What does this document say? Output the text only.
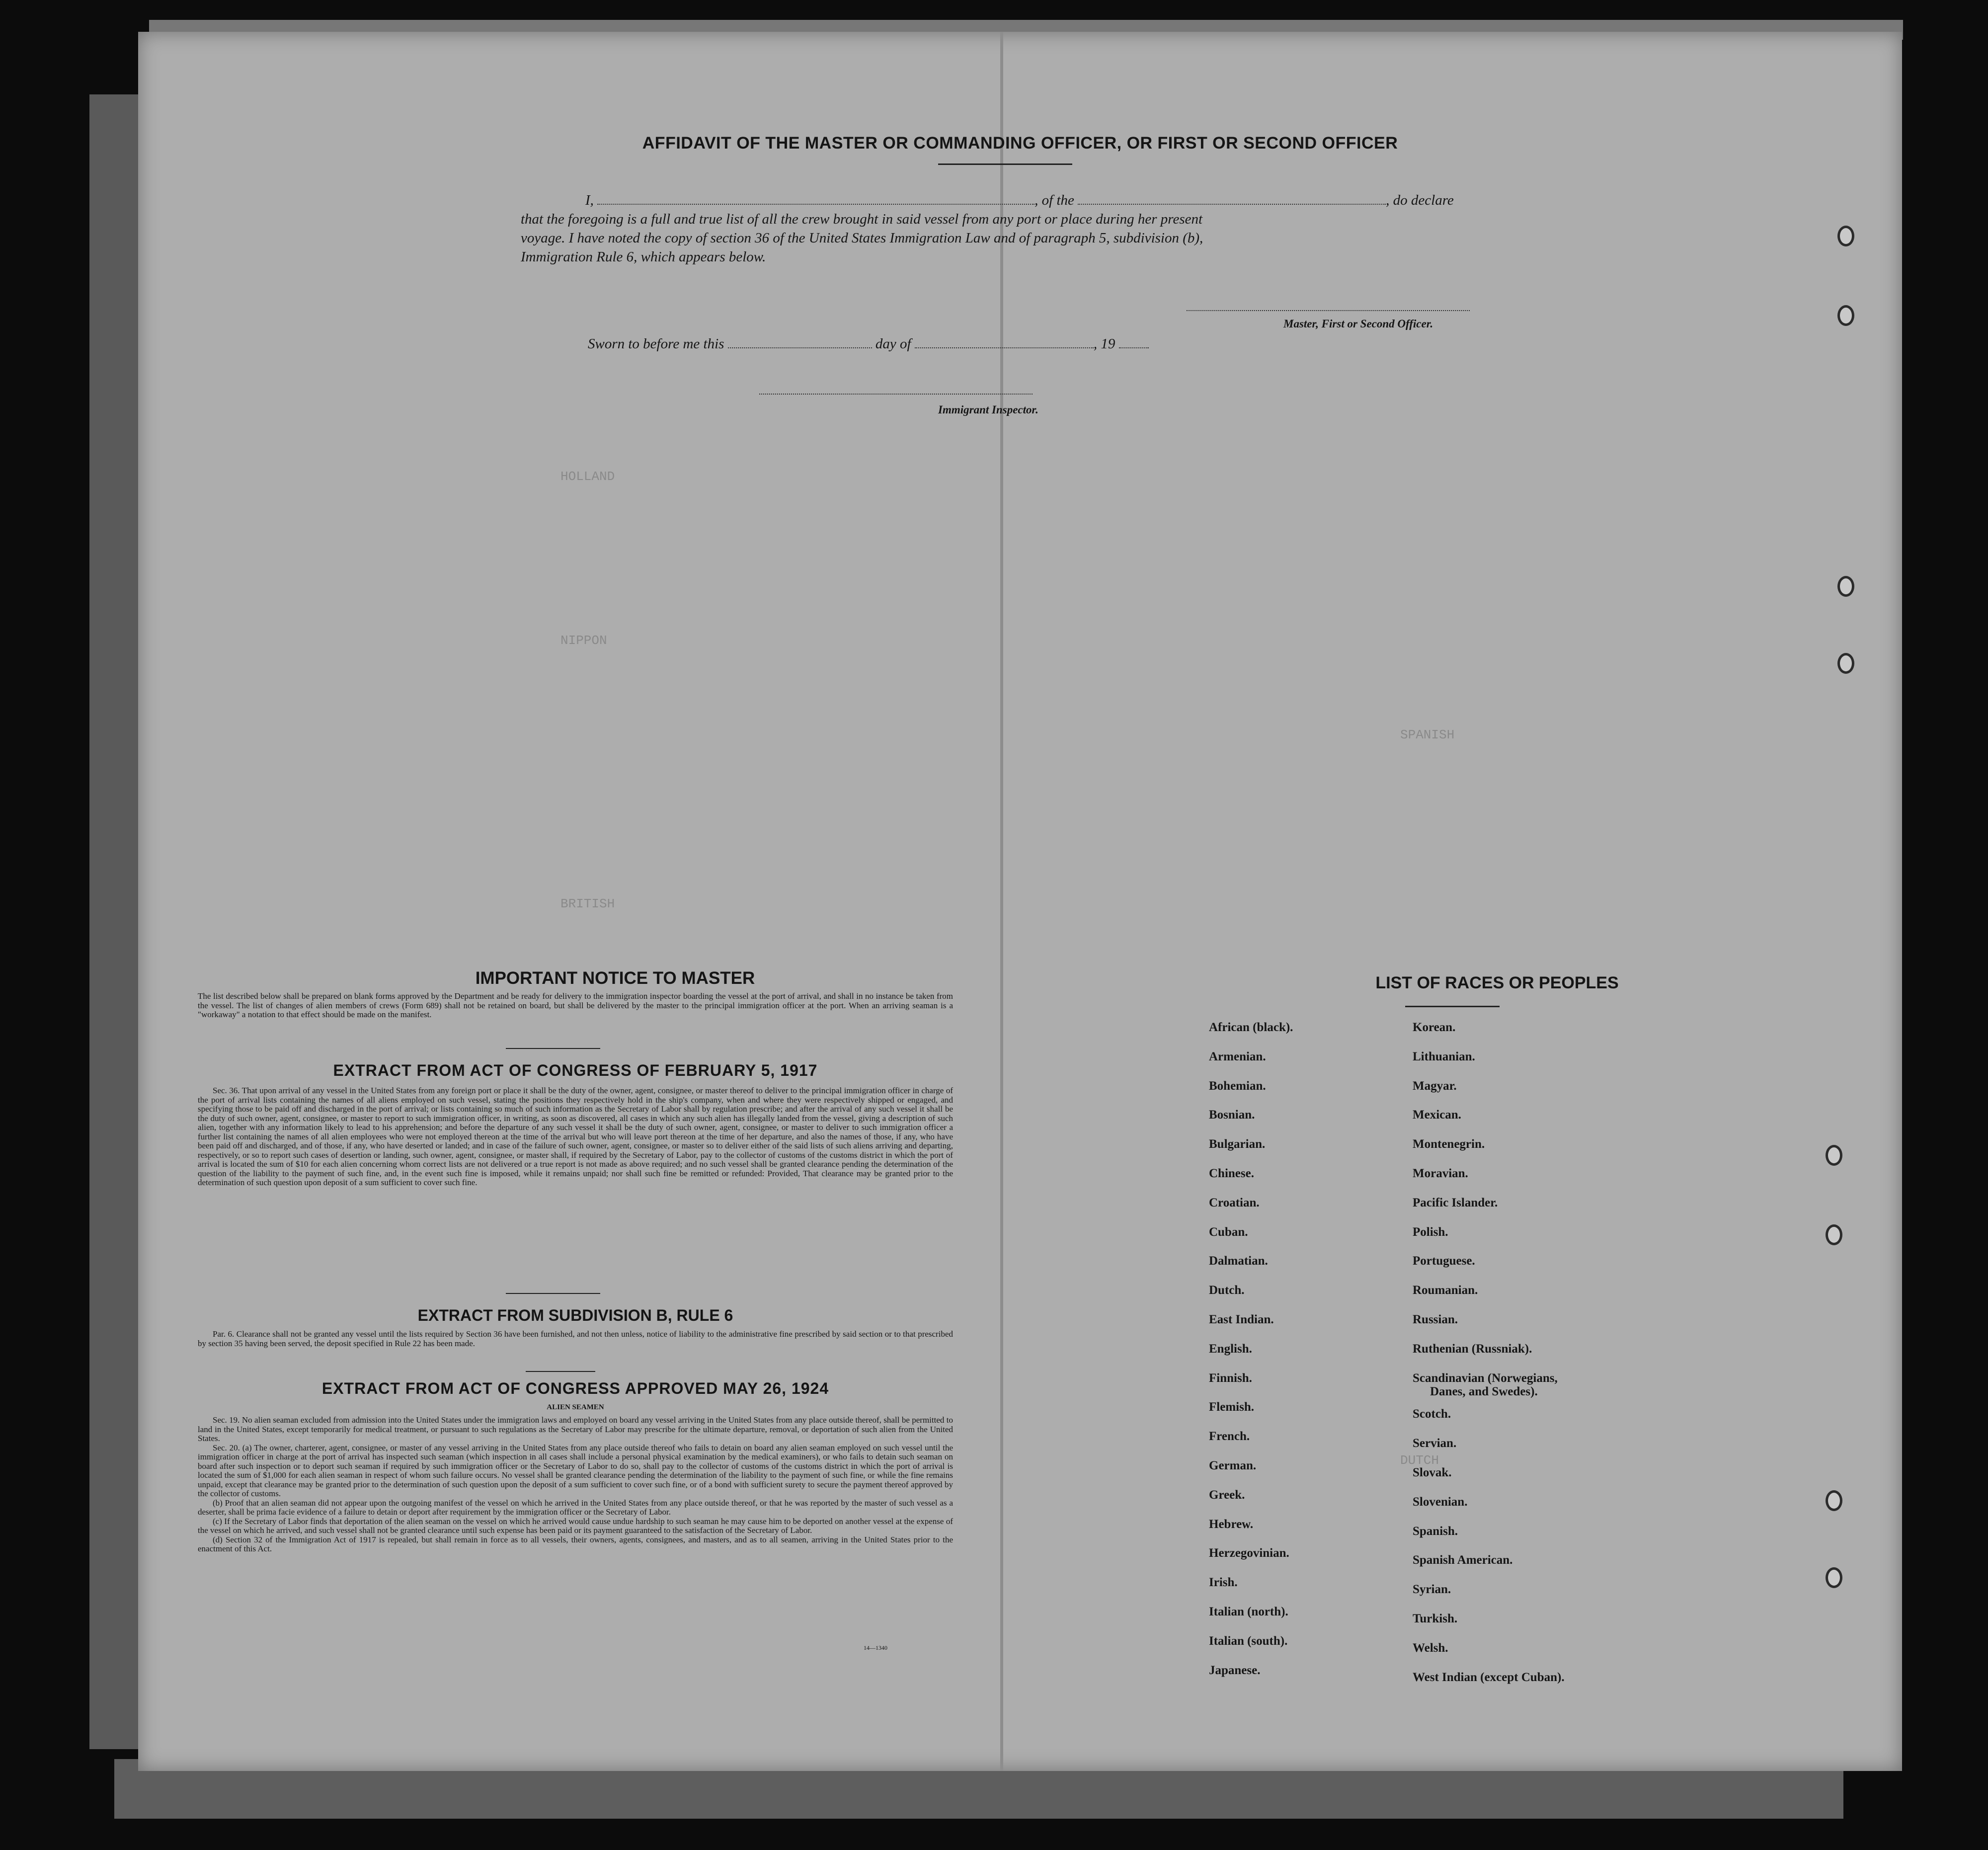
HOLLAND
NIPPON
BRITISH
SPANISH
DUTCH
AFFIDAVIT OF THE MASTER OR COMMANDING OFFICER, OR FIRST OR SECOND OFFICER
I,	, of the	, do declare
that the foregoing is a full and true list of all the crew brought in said vessel from any port or place during her present
voyage. I have noted the copy of section 36 of the United States Immigration Law and of paragraph 5, subdivision (b),
Immigration Rule 6, which appears below.
Master, First or Second Officer.
Sworn to before me this	day of	, 19
Immigrant Inspector.
IMPORTANT NOTICE TO MASTER
The list described below shall be prepared on blank forms approved by the Department and be ready for delivery to the immigration inspector boarding the vessel at the port of arrival, and shall in no instance be taken from the vessel. The list of changes of alien members of crews (Form 689) shall not be retained on board, but shall be delivered by the master to the principal immigration officer at the port. When an arriving seaman is a "workaway" a notation to that effect should be made on the manifest.
EXTRACT FROM ACT OF CONGRESS OF FEBRUARY 5, 1917
Sec. 36. That upon arrival of any vessel in the United States from any foreign port or place it shall be the duty of the owner, agent, consignee, or master thereof to deliver to the principal immigration officer in charge of the port of arrival lists containing the names of all aliens employed on such vessel, stating the positions they respectively hold in the ship's company, when and where they were respectively shipped or engaged, and specifying those to be paid off and discharged in the port of arrival; or lists containing so much of such information as the Secretary of Labor shall by regulation prescribe; and after the arrival of any such vessel it shall be the duty of such owner, agent, consignee, or master to report to such immigration officer, in writing, as soon as discovered, all cases in which any such alien has illegally landed from the vessel, giving a description of such alien, together with any information likely to lead to his apprehension; and before the departure of any such vessel it shall be the duty of such owner, agent, consignee, or master to deliver to such immigration officer a further list containing the names of all alien employees who were not employed thereon at the time of the arrival but who will leave port thereon at the time of her departure, and also the names of those, if any, who have been paid off and discharged, and of those, if any, who have deserted or landed; and in case of the failure of such owner, agent, consignee, or master so to deliver either of the said lists of such aliens arriving and departing, respectively, or so to report such cases of desertion or landing, such owner, agent, consignee, or master shall, if required by the Secretary of Labor, pay to the collector of customs of the customs district in which the port of arrival is located the sum of $10 for each alien concerning whom correct lists are not delivered or a true report is not made as above required; and no such vessel shall be granted clearance pending the determination of the question of the liability to the payment of such fine, and, in the event such fine is imposed, while it remains unpaid; nor shall such fine be remitted or refunded: Provided, That clearance may be granted prior to the determination of such question upon deposit of a sum sufficient to cover such fine.
EXTRACT FROM SUBDIVISION B, RULE 6
Par. 6. Clearance shall not be granted any vessel until the lists required by Section 36 have been furnished, and not then unless, notice of liability to the administrative fine prescribed by said section or to that prescribed by section 35 having been served, the deposit specified in Rule 22 has been made.
EXTRACT FROM ACT OF CONGRESS APPROVED MAY 26, 1924
ALIEN SEAMEN
Sec. 19. No alien seaman excluded from admission into the United States under the immigration laws and employed on board any vessel arriving in the United States from any place outside thereof, shall be permitted to land in the United States, except temporarily for medical treatment, or pursuant to such regulations as the Secretary of Labor may prescribe for the ultimate departure, removal, or deportation of such alien from the United States.
Sec. 20. (a) The owner, charterer, agent, consignee, or master of any vessel arriving in the United States from any place outside thereof who fails to detain on board any alien seaman employed on such vessel until the immigration officer in charge at the port of arrival has inspected such seaman (which inspection in all cases shall include a personal physical examination by the medical examiners), or who fails to detain such seaman on board after such inspection or to deport such seaman if required by such immigration officer or the Secretary of Labor to do so, shall pay to the collector of customs of the customs district in which the port of arrival is located the sum of $1,000 for each alien seaman in respect of whom such failure occurs. No vessel shall be granted clearance pending the determination of the liability to the payment of such fine, or while the fine remains unpaid, except that clearance may be granted prior to the determination of such question upon the deposit of a sum sufficient to cover such fine, or of a bond with sufficient surety to secure the payment thereof approved by the collector of customs.
(b) Proof that an alien seaman did not appear upon the outgoing manifest of the vessel on which he arrived in the United States from any place outside thereof, or that he was reported by the master of such vessel as a deserter, shall be prima facie evidence of a failure to detain or deport after requirement by the immigration officer or the Secretary of Labor.
(c) If the Secretary of Labor finds that deportation of the alien seaman on the vessel on which he arrived would cause undue hardship to such seaman he may cause him to be deported on another vessel at the expense of the vessel on which he arrived, and such vessel shall not be granted clearance until such expense has been paid or its payment guaranteed to the satisfaction of the Secretary of Labor.
(d) Section 32 of the Immigration Act of 1917 is repealed, but shall remain in force as to all vessels, their owners, agents, consignees, and masters, and as to all seamen, arriving in the United States prior to the enactment of this Act.
14—1340
LIST OF RACES OR PEOPLES
African (black).
Armenian.
Bohemian.
Bosnian.
Bulgarian.
Chinese.
Croatian.
Cuban.
Dalmatian.
Dutch.
East Indian.
English.
Finnish.
Flemish.
French.
German.
Greek.
Hebrew.
Herzegovinian.
Irish.
Italian (north).
Italian (south).
Japanese.
Korean.
Lithuanian.
Magyar.
Mexican.
Montenegrin.
Moravian.
Pacific Islander.
Polish.
Portuguese.
Roumanian.
Russian.
Ruthenian (Russniak).
Scandinavian (Norwegians,
Scotch.
Servian.
Slovak.
Slovenian.
Spanish.
Spanish American.
Syrian.
Turkish.
Welsh.
West Indian (except Cuban).
Danes, and Swedes).
